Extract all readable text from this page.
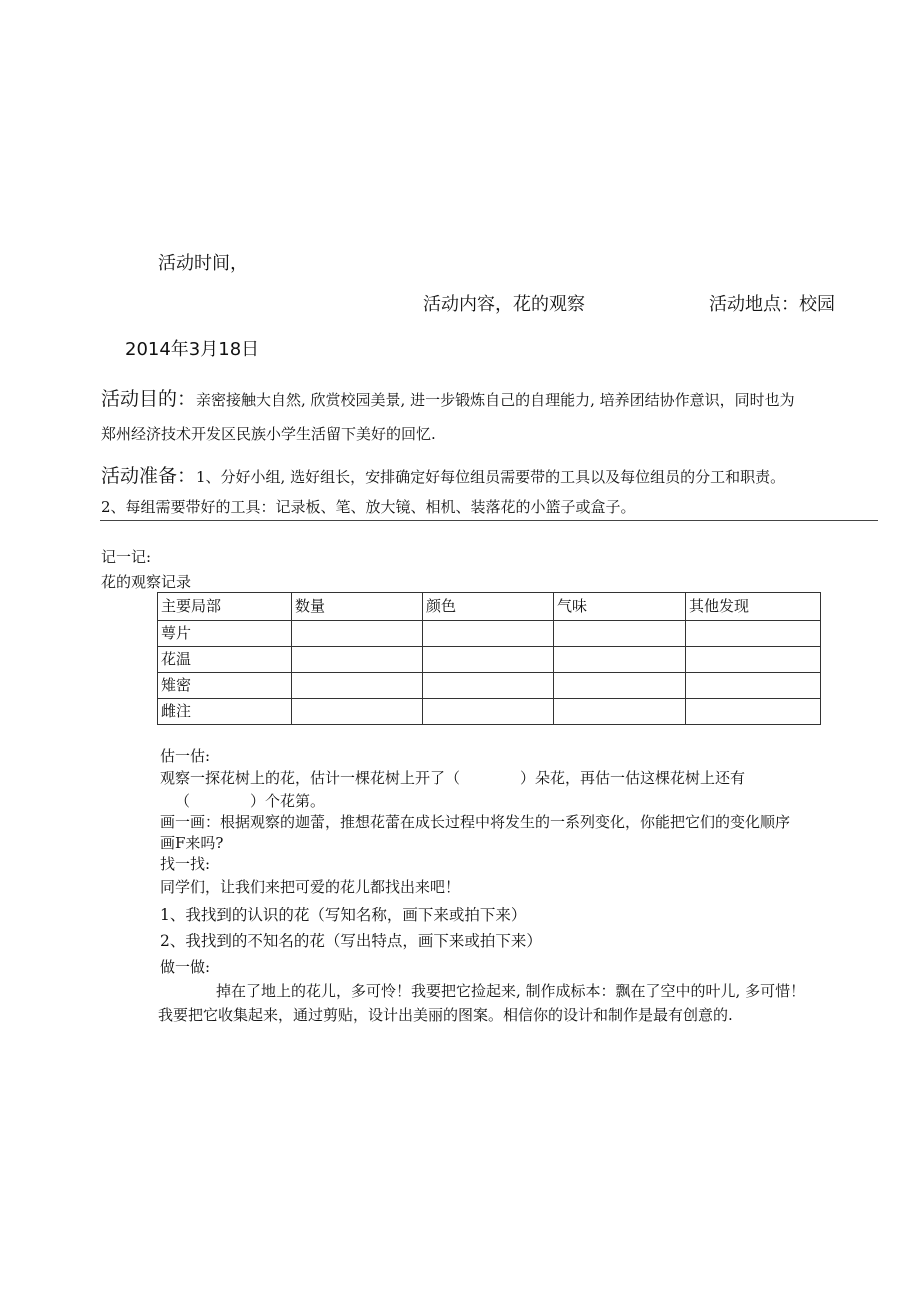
活动时间，
活动内容，花的观察	活动地点：校园
2014年3月18日
活动目的：亲密接触大自然, 欣赏校园美景, 进一步锻炼自己的自理能力, 培养团结协作意识，同时也为
郑州经济技术开发区民族小学生活留下美好的回忆.
活动准备：1、分好小组, 选好组长，安排确定好每位组员需要带的工具以及每位组员的分工和职责。
2、每组需要带好的工具：记录板、笔、放大镜、相机、装落花的小篮子或盒子。
记一记:
花的观察记录
主要局部	数量	颜色	气味	其他发现
萼片				
花温				
雉密				
雌注				
估一估:
观察一探花树上的花，估计一棵花树上开了（　　　　）朵花，再估一估这棵花树上还有
（　　　　）个花第。
画一画：根据观察的迦蕾，推想花蕾在成长过程中将发生的一系列变化，你能把它们的变化顺序
画F来吗?
找一找:
同学们，让我们来把可爱的花儿都找出来吧！
1、我找到的认识的花（写知名称，画下来或拍下来）
2、我找到的不知名的花（写出特点，画下来或拍下来）
做一做:
掉在了地上的花儿，多可怜！我要把它捡起来, 制作成标本：飘在了空中的叶儿, 多可惜！
我要把它收集起来，通过剪贴，设计出美丽的图案。相信你的设计和制作是最有创意的.
